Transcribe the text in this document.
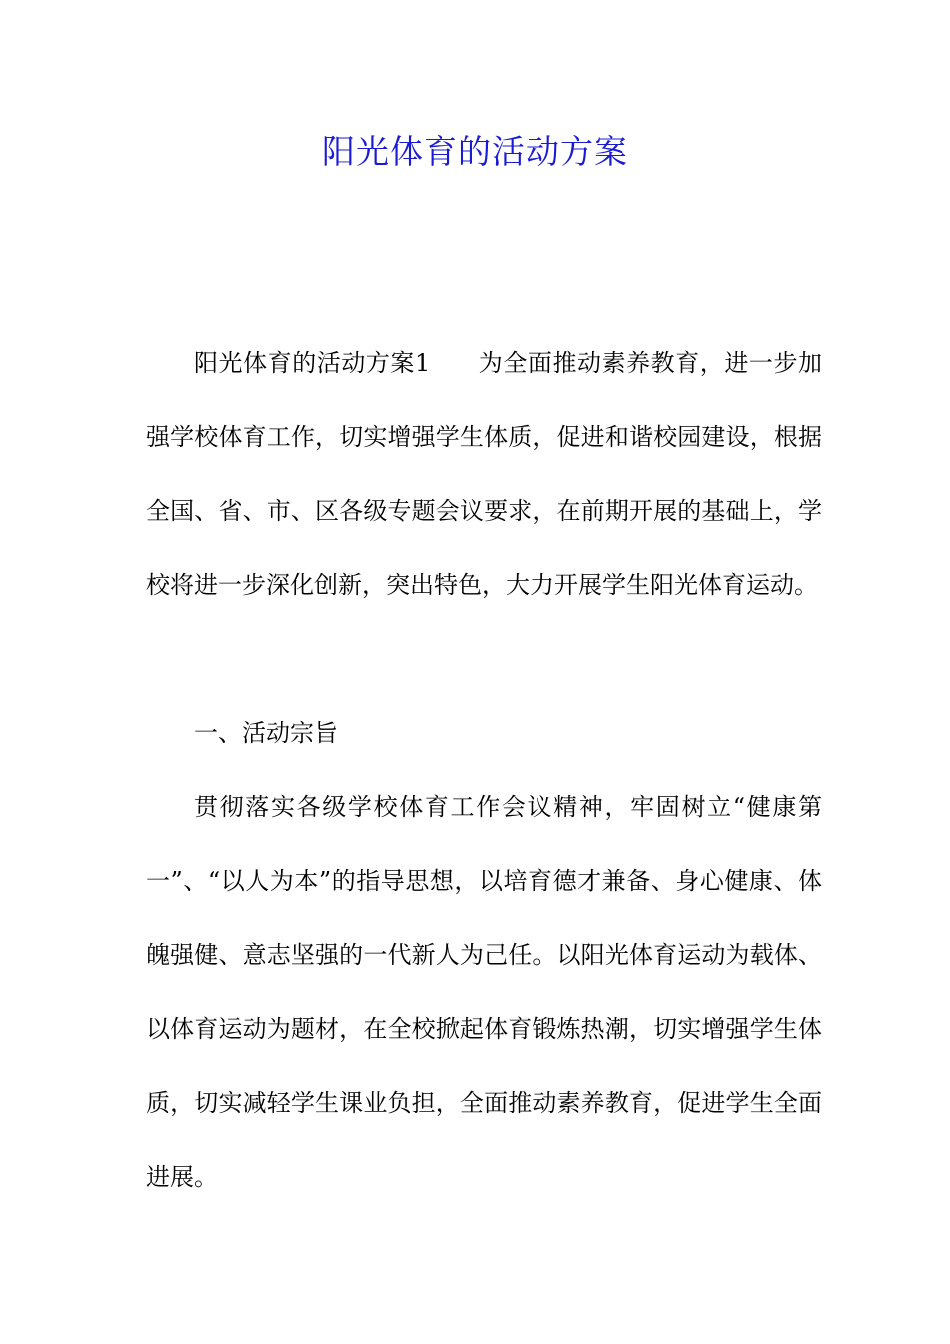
阳光体育的活动方案

阳光体育的活动方案1 为全面推动素养教育，进一步加强学校体育工作，切实增强学生体质，促进和谐校园建设，根据全国、省、市、区各级专题会议要求，在前期开展的基础上，学校将进一步深化创新，突出特色，大力开展学生阳光体育运动。

一、活动宗旨

贯彻落实各级学校体育工作会议精神，牢固树立“健康第一”、“以人为本”的指导思想，以培育德才兼备、身心健康、体魄强健、意志坚强的一代新人为己任。以阳光体育运动为载体、以体育运动为题材，在全校掀起体育锻炼热潮，切实增强学生体质，切实减轻学生课业负担，全面推动素养教育，促进学生全面进展。
